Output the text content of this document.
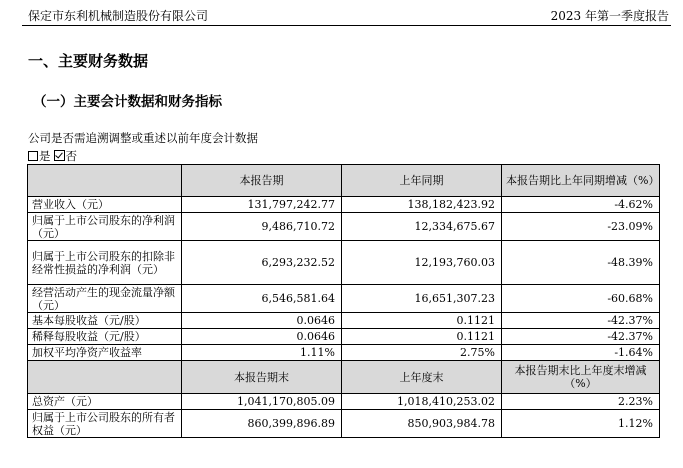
保定市东利机械制造股份有限公司	2023 年第一季度报告
一、主要财务数据
（一）主要会计数据和财务指标
公司是否需追溯调整或重述以前年度会计数据
是 否
	本报告期	上年同期	本报告期比上年同期增减（%）
营业收入（元）	131,797,242.77	138,182,423.92	-4.62%
归属于上市公司股东的净利润（元）	9,486,710.72	12,334,675.67	-23.09%
归属于上市公司股东的扣除非经常性损益的净利润（元）	6,293,232.52	12,193,760.03	-48.39%
经营活动产生的现金流量净额（元）	6,546,581.64	16,651,307.23	-60.68%
基本每股收益（元/股）	0.0646	0.1121	-42.37%
稀释每股收益（元/股）	0.0646	0.1121	-42.37%
加权平均净资产收益率	1.11%	2.75%	-1.64%
	本报告期末	上年度末	本报告期末比上年度末增减（%）
总资产（元）	1,041,170,805.09	1,018,410,253.02	2.23%
归属于上市公司股东的所有者权益（元）	860,399,896.89	850,903,984.78	1.12%
